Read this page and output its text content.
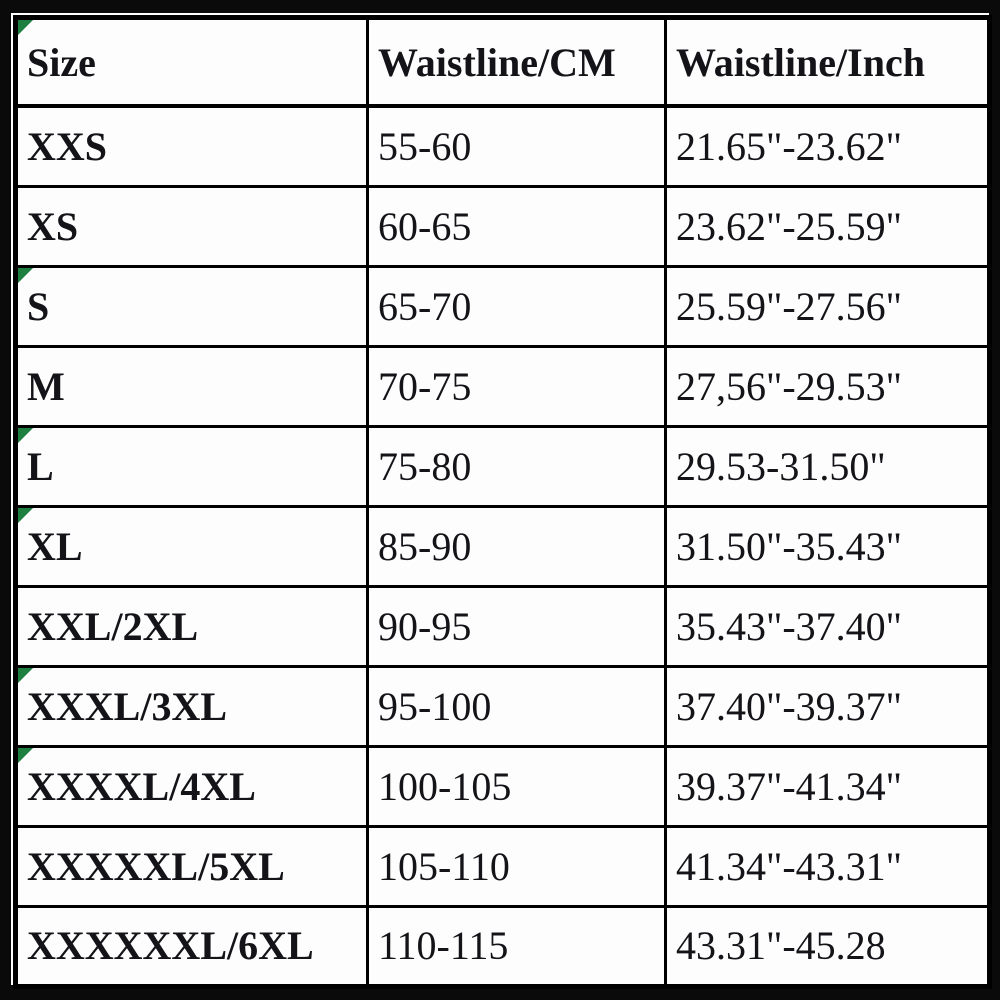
Size	Waistline/CM	Waistline/Inch
XXS	55-60	21.65"-23.62"
XS	60-65	23.62"-25.59"

S	65-70	25.59"-27.56"
M	70-75	27,56"-29.53"

L	75-80	29.53-31.50"

XL	85-90	31.50"-35.43"
XXL/2XL	90-95	35.43"-37.40"

XXXL/3XL	95-100	37.40"-39.37"

XXXXL/4XL	100-105	39.37"-41.34"
XXXXXL/5XL	105-110	41.34"-43.31"
XXXXXXL/6XL	110-115	43.31"-45.28
